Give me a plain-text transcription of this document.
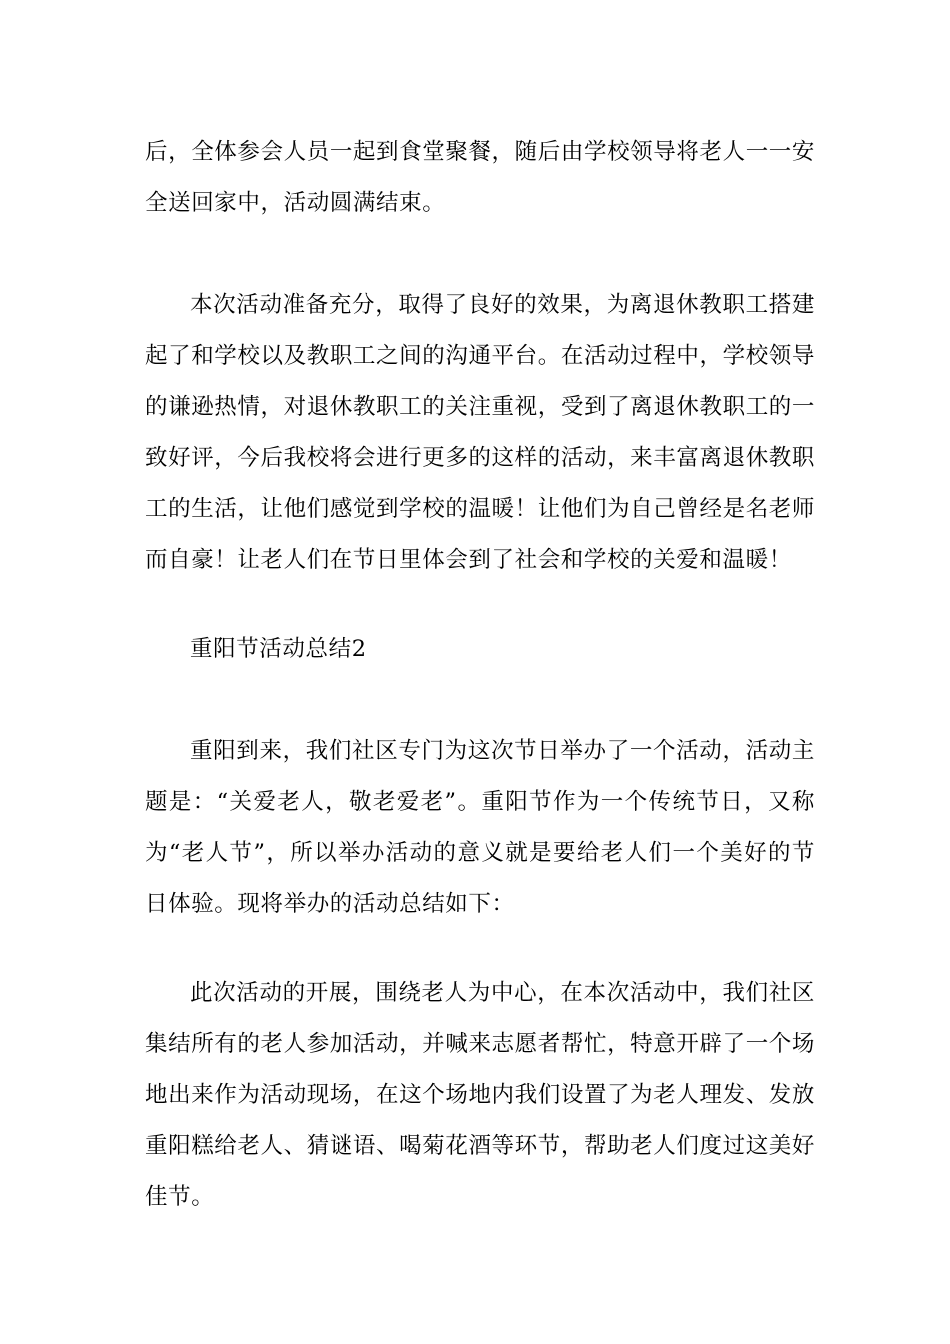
后，全体参会人员一起到食堂聚餐，随后由学校领导将老人一一安全送回家中，活动圆满结束。

本次活动准备充分，取得了良好的效果，为离退休教职工搭建起了和学校以及教职工之间的沟通平台。在活动过程中，学校领导的谦逊热情，对退休教职工的关注重视，受到了离退休教职工的一致好评，今后我校将会进行更多的这样的活动，来丰富离退休教职工的生活，让他们感觉到学校的温暖！让他们为自己曾经是名老师而自豪！让老人们在节日里体会到了社会和学校的关爱和温暖！

重阳节活动总结2

重阳到来，我们社区专门为这次节日举办了一个活动，活动主题是：“关爱老人，敬老爱老”。重阳节作为一个传统节日，又称为“老人节”，所以举办活动的意义就是要给老人们一个美好的节日体验。现将举办的活动总结如下：

此次活动的开展，围绕老人为中心，在本次活动中，我们社区集结所有的老人参加活动，并喊来志愿者帮忙，特意开辟了一个场地出来作为活动现场，在这个场地内我们设置了为老人理发、发放重阳糕给老人、猜谜语、喝菊花酒等环节，帮助老人们度过这美好佳节。
